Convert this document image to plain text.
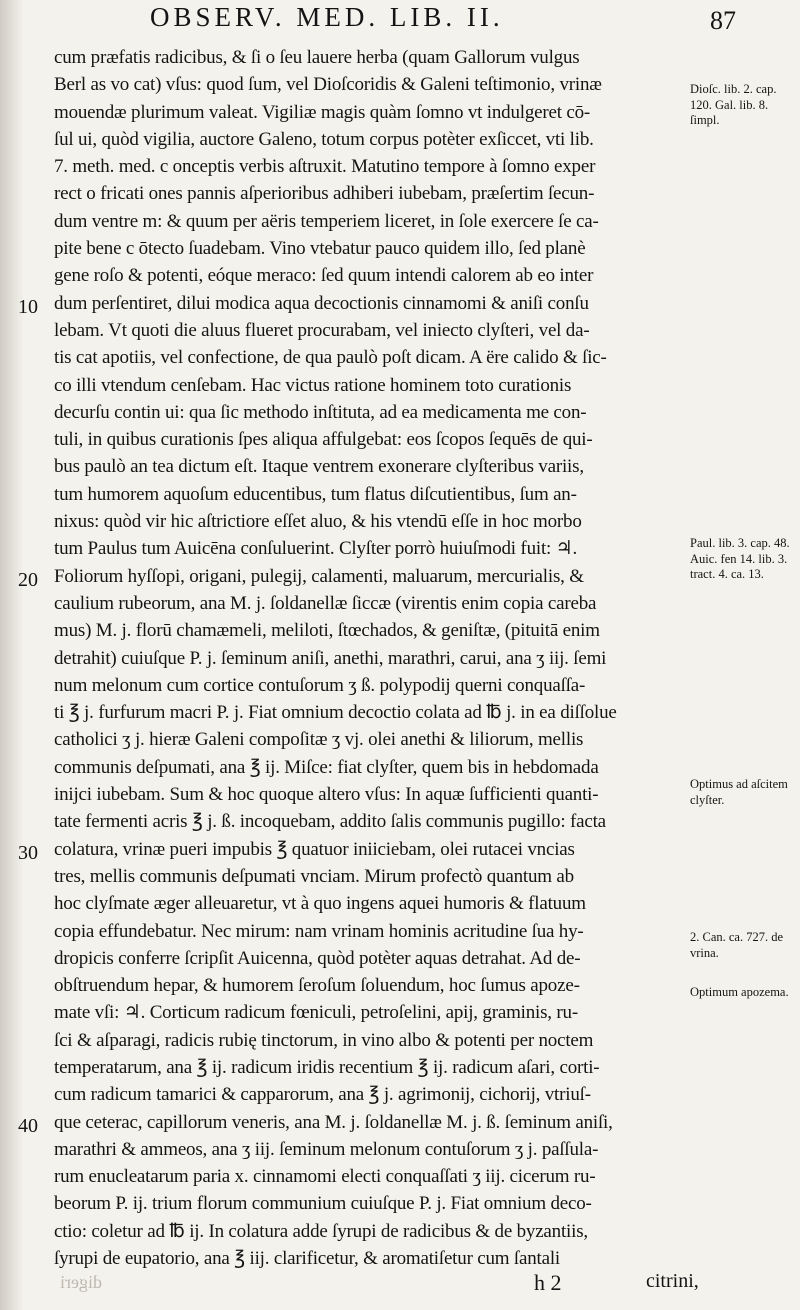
OBSERV. MED. LIB. II.	87
cum præfatis radicibus, & ſi o ſeu lauere herba (quam Gallorum vulgus
Berl as vo cat) vſus: quod ſum, vel Dioſcoridis & Galeni teſtimonio, vrinæ
mouendæ plurimum valeat. Vigiliæ magis quàm ſomno vt indulgeret cō-
ſul ui, quòd vigilia, auctore Galeno, totum corpus potèter exſiccet, vti lib.
7. meth. med. c onceptis verbis aſtruxit. Matutino tempore à ſomno exper
rect o fricati ones pannis aſperioribus adhiberi iubebam, præſertim ſecun-
dum ventre m: & quum per aëris temperiem liceret, in ſole exercere ſe ca-
pite bene c ōtecto ſuadebam. Vino vtebatur pauco quidem illo, ſed planè
gene roſo & potenti, eóque meraco: ſed quum intendi calorem ab eo inter
dum perſentiret, dilui modica aqua decoctionis cinnamomi & aniſi conſu
lebam. Vt quoti die aluus flueret procurabam, vel iniecto clyſteri, vel da-
tis cat apotiis, vel confectione, de qua paulò poſt dicam. A ëre calido & ſic-
co illi vtendum cenſebam. Hac victus ratione hominem toto curationis
decurſu contin ui: qua ſic methodo inſtituta, ad ea medicamenta me con-
tuli, in quibus curationis ſpes aliqua affulgebat: eos ſcopos ſequēs de qui-
bus paulò an tea dictum eſt. Itaque ventrem exonerare clyſteribus variis,
tum humorem aquoſum educentibus, tum flatus diſcutientibus, ſum an-
nixus: quòd vir hic aſtrictiore eſſet aluo, & his vtendū eſſe in hoc morbo
tum Paulus tum Auicēna conſuluerint. Clyſter porrò huiuſmodi fuit: ♃.
Foliorum hyſſopi, origani, pulegij, calamenti, maluarum, mercurialis, &
caulium rubeorum, ana M. j. ſoldanellæ ſiccæ (virentis enim copia careba
mus) M. j. florū chamæmeli, meliloti, ſtœchados, & geniſtæ, (pituitā enim
detrahit) cuiuſque P. j. ſeminum aniſi, anethi, marathri, carui, ana ʒ iij. ſemi
num melonum cum cortice contuſorum ʒ ß. polypodij querni conquaſſa-
ti ℥ j. furfurum macri P. j. Fiat omnium decoctio colata ad ℔ j. in ea diſſolue
catholici ʒ j. hieræ Galeni compoſitæ ʒ vj. olei anethi & liliorum, mellis
communis deſpumati, ana ℥ ij. Miſce: fiat clyſter, quem bis in hebdomada
inijci iubebam. Sum & hoc quoque altero vſus: In aquæ ſufficienti quanti-
tate fermenti acris ℥ j. ß. incoquebam, addito ſalis communis pugillo: facta
colatura, vrinæ pueri impubis ℥ quatuor iniiciebam, olei rutacei vncias
tres, mellis communis deſpumati vnciam. Mirum profectò quantum ab
hoc clyſmate æger alleuaretur, vt à quo ingens aquei humoris & flatuum
copia effundebatur. Nec mirum: nam vrinam hominis acritudine ſua hy-
dropicis conferre ſcripſit Auicenna, quòd potèter aquas detrahat. Ad de-
obſtruendum hepar, & humorem ſeroſum ſoluendum, hoc ſumus apoze-
mate vſi: ♃. Corticum radicum fœniculi, petroſelini, apij, graminis, ru-
ſci & aſparagi, radicis rubię tinctorum, in vino albo & potenti per noctem
temperatarum, ana ℥ ij. radicum iridis recentium ℥ ij. radicum aſari, corti-
cum radicum tamarici & capparorum, ana ℥ j. agrimonij, cichorij, vtriuſ-
que ceterac, capillorum veneris, ana M. j. ſoldanellæ M. j. ß. ſeminum aniſi,
marathri & ammeos, ana ʒ iij. ſeminum melonum contuſorum ʒ j. paſſula-
rum enucleatarum paria x. cinnamomi electi conquaſſati ʒ iij. cicerum ru-
beorum P. ij. trium florum communium cuiuſque P. j. Fiat omnium deco-
ctio: coletur ad ℔ ij. In colatura adde ſyrupi de radicibus & de byzantiis,
ſyrupi de eupatorio, ana ℥ iij. clarificetur, & aromatiſetur cum ſantali
10
20
30
40
Dioſc. lib. 2. cap. 120. Gal. lib. 8. ſimpl.
Paul. lib. 3. cap. 48. Auic. fen 14. lib. 3. tract. 4. ca. 13.
Optimus ad aſcitem clyſter.
2. Can. ca. 727. de vrina.
Optimum apozema.
digeri	h 2	citrini,
